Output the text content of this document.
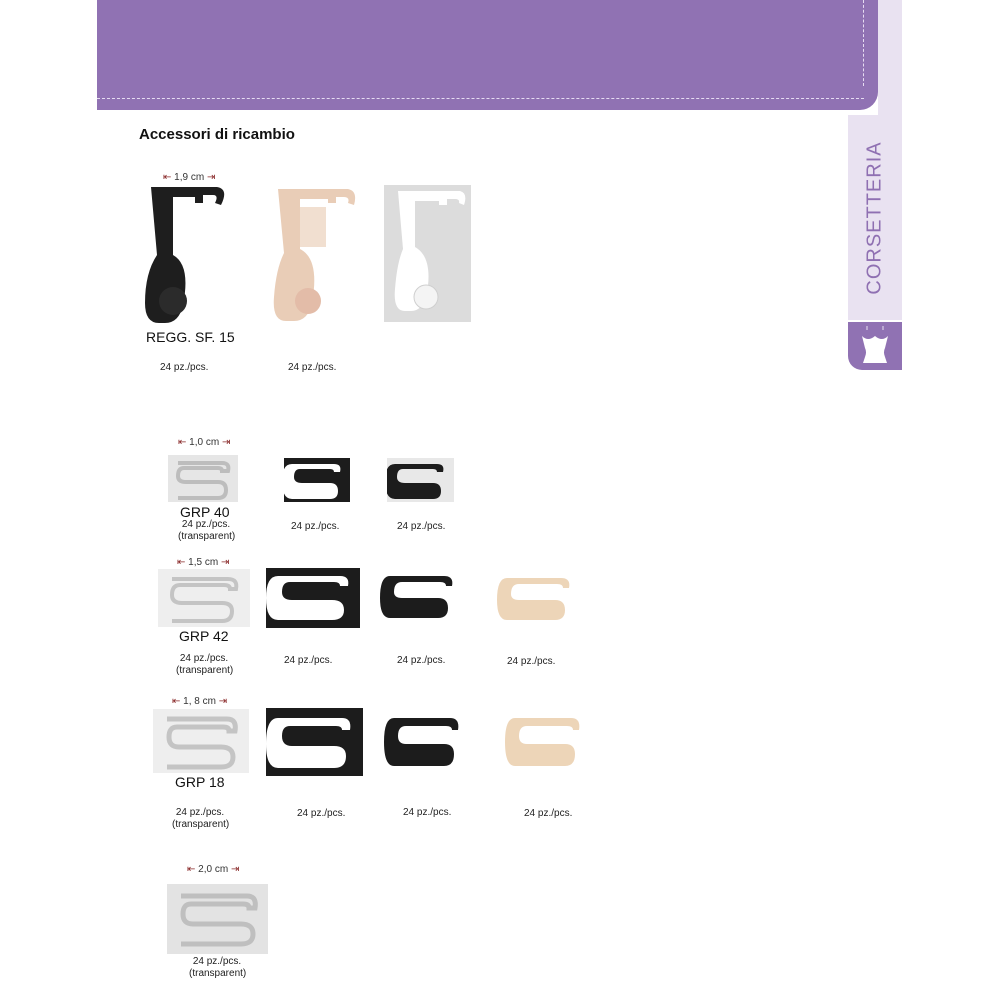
CORSETTERIA
Accessori di ricambio
⇤ 1,9 cm ⇥
REGG. SF. 15
24 pz./pcs.	24 pz./pcs.
⇤ 1,0 cm ⇥
GRP 40
24 pz./pcs.
(transparent)
24 pz./pcs.	24 pz./pcs.
⇤ 1,5 cm ⇥
GRP 42
24 pz./pcs.
(transparent)
24 pz./pcs.	24 pz./pcs.	24 pz./pcs.
⇤ 1, 8 cm ⇥
GRP 18
24 pz./pcs.
(transparent)
24 pz./pcs.	24 pz./pcs.	24 pz./pcs.
⇤ 2,0 cm ⇥
24 pz./pcs.
(transparent)
